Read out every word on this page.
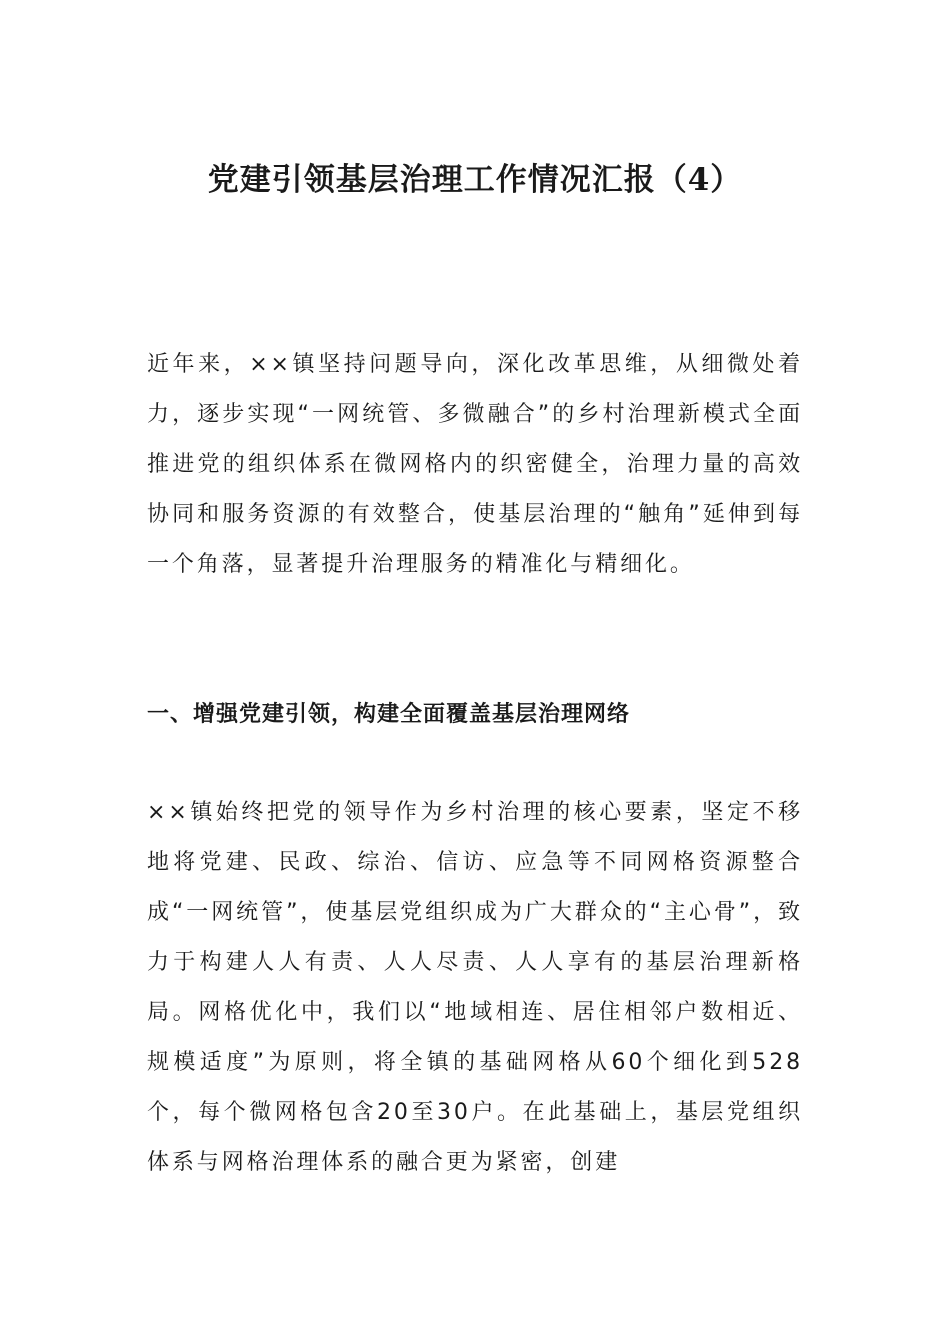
党建引领基层治理工作情况汇报（4）

近年来，××镇坚持问题导向，深化改革思维，从细微处着力，逐步实现“一网统管、多微融合”的乡村治理新模式全面推进党的组织体系在微网格内的织密健全，治理力量的高效协同和服务资源的有效整合，使基层治理的“触角”延伸到每一个角落，显著提升治理服务的精准化与精细化。

一、增强党建引领，构建全面覆盖基层治理网络

××镇始终把党的领导作为乡村治理的核心要素，坚定不移地将党建、民政、综治、信访、应急等不同网格资源整合成“一网统管”，使基层党组织成为广大群众的“主心骨”，致力于构建人人有责、人人尽责、人人享有的基层治理新格局。网格优化中，我们以“地域相连、居住相邻户数相近、规模适度”为原则，将全镇的基础网格从60个细化到528个，每个微网格包含20至30户。在此基础上，基层党组织体系与网格治理体系的融合更为紧密，创建
